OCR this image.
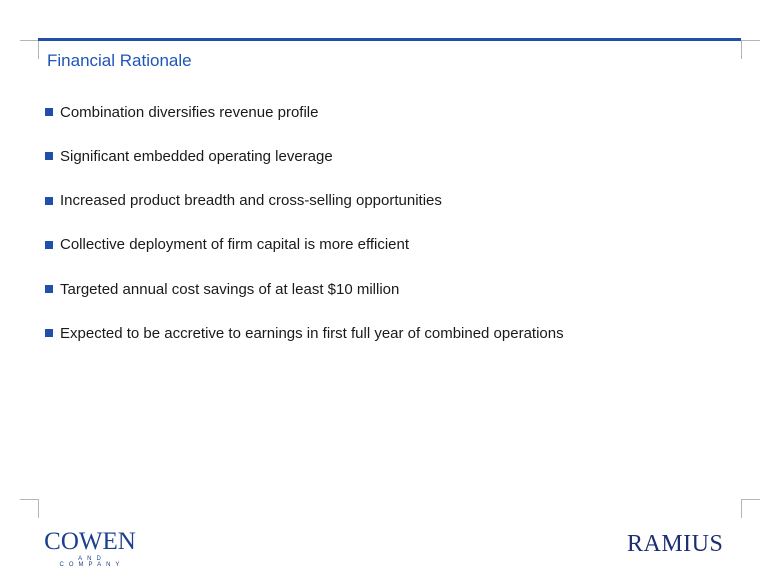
Financial Rationale
Combination diversifies revenue profile
Significant embedded operating leverage
Increased product breadth and cross-selling opportunities
Collective deployment of firm capital is more efficient
Targeted annual cost savings of at least $10 million
Expected to be accretive to earnings in first full year of combined operations
COWEN
AND COMPANY
RAMIUS
